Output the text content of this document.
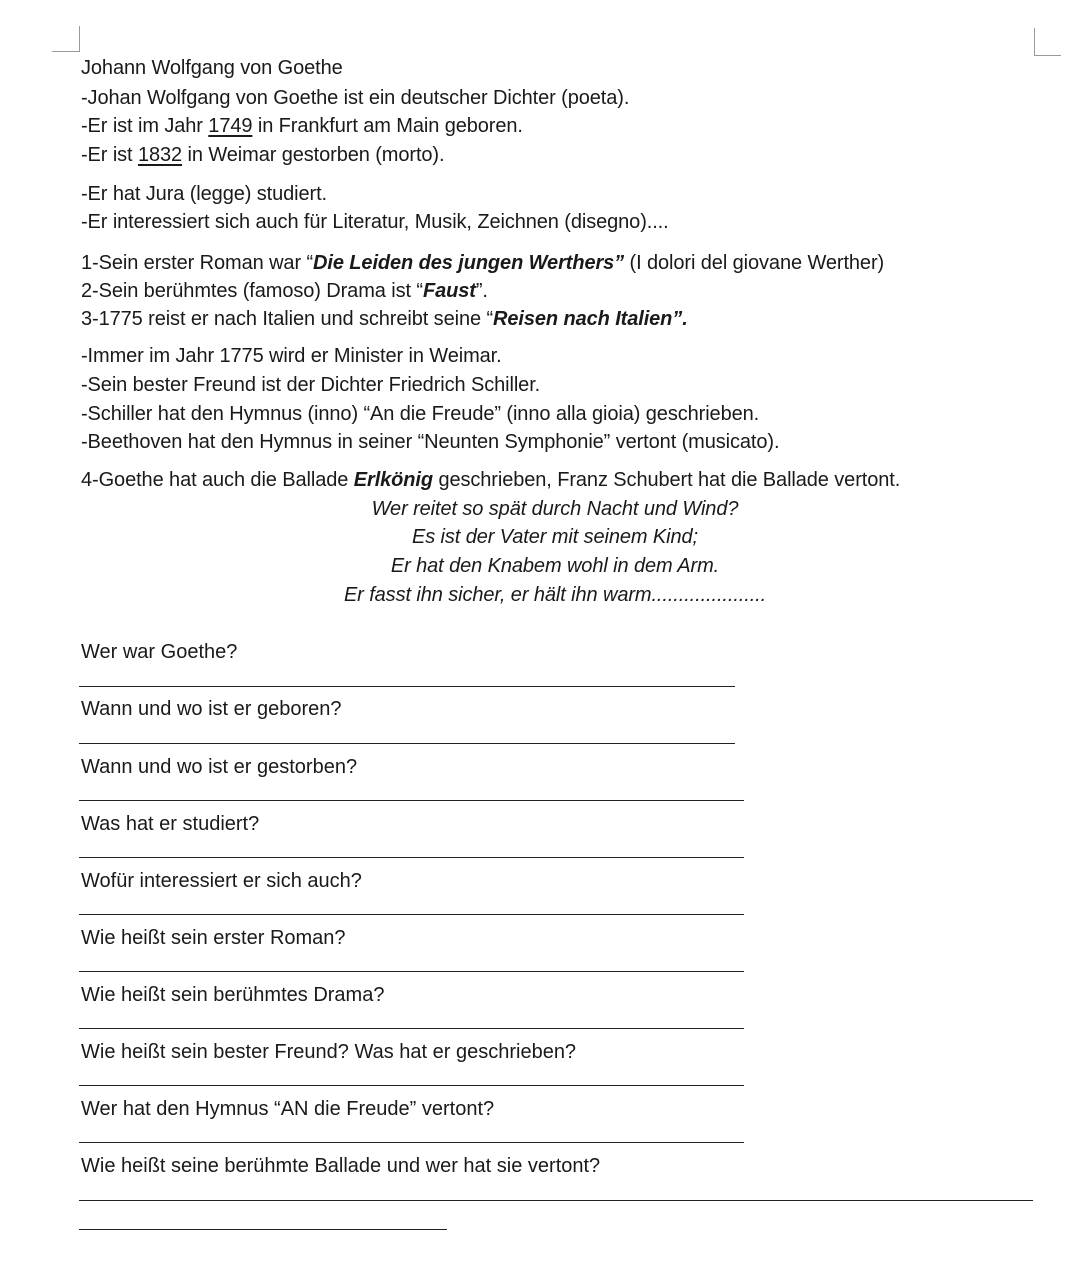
Johann Wolfgang von Goethe
-Johan Wolfgang von Goethe ist ein deutscher Dichter (poeta).
-Er ist im Jahr 1749 in Frankfurt am Main geboren.
-Er ist 1832 in Weimar gestorben (morto).
-Er hat Jura (legge) studiert.
-Er interessiert sich auch für Literatur, Musik, Zeichnen (disegno)....
1-Sein erster Roman war “Die Leiden des jungen Werthers” (I dolori del giovane Werther)
2-Sein berühmtes (famoso) Drama ist “Faust”.
3-1775 reist er nach Italien und schreibt seine “Reisen nach Italien”.
-Immer im Jahr 1775 wird er Minister in Weimar.
-Sein bester Freund ist der Dichter Friedrich Schiller.
-Schiller hat den Hymnus (inno) “An die Freude” (inno alla gioia) geschrieben.
-Beethoven hat den Hymnus in seiner “Neunten Symphonie” vertont (musicato).
4-Goethe hat auch die Ballade Erlkönig geschrieben, Franz Schubert hat die Ballade vertont.
Wer reitet so spät durch Nacht und Wind?
Es ist der Vater mit seinem Kind;
Er hat den Knabem wohl in dem Arm.
Er fasst ihn sicher, er hält ihn warm.....................
Wer war Goethe?
Wann und wo ist er geboren?
Wann und wo ist er gestorben?
Was hat er studiert?
Wofür interessiert er sich auch?
Wie heißt sein erster Roman?
Wie heißt sein berühmtes Drama?
Wie heißt sein bester Freund? Was hat er geschrieben?
Wer hat den Hymnus “AN die Freude” vertont?
Wie heißt seine berühmte Ballade und wer hat sie vertont?
